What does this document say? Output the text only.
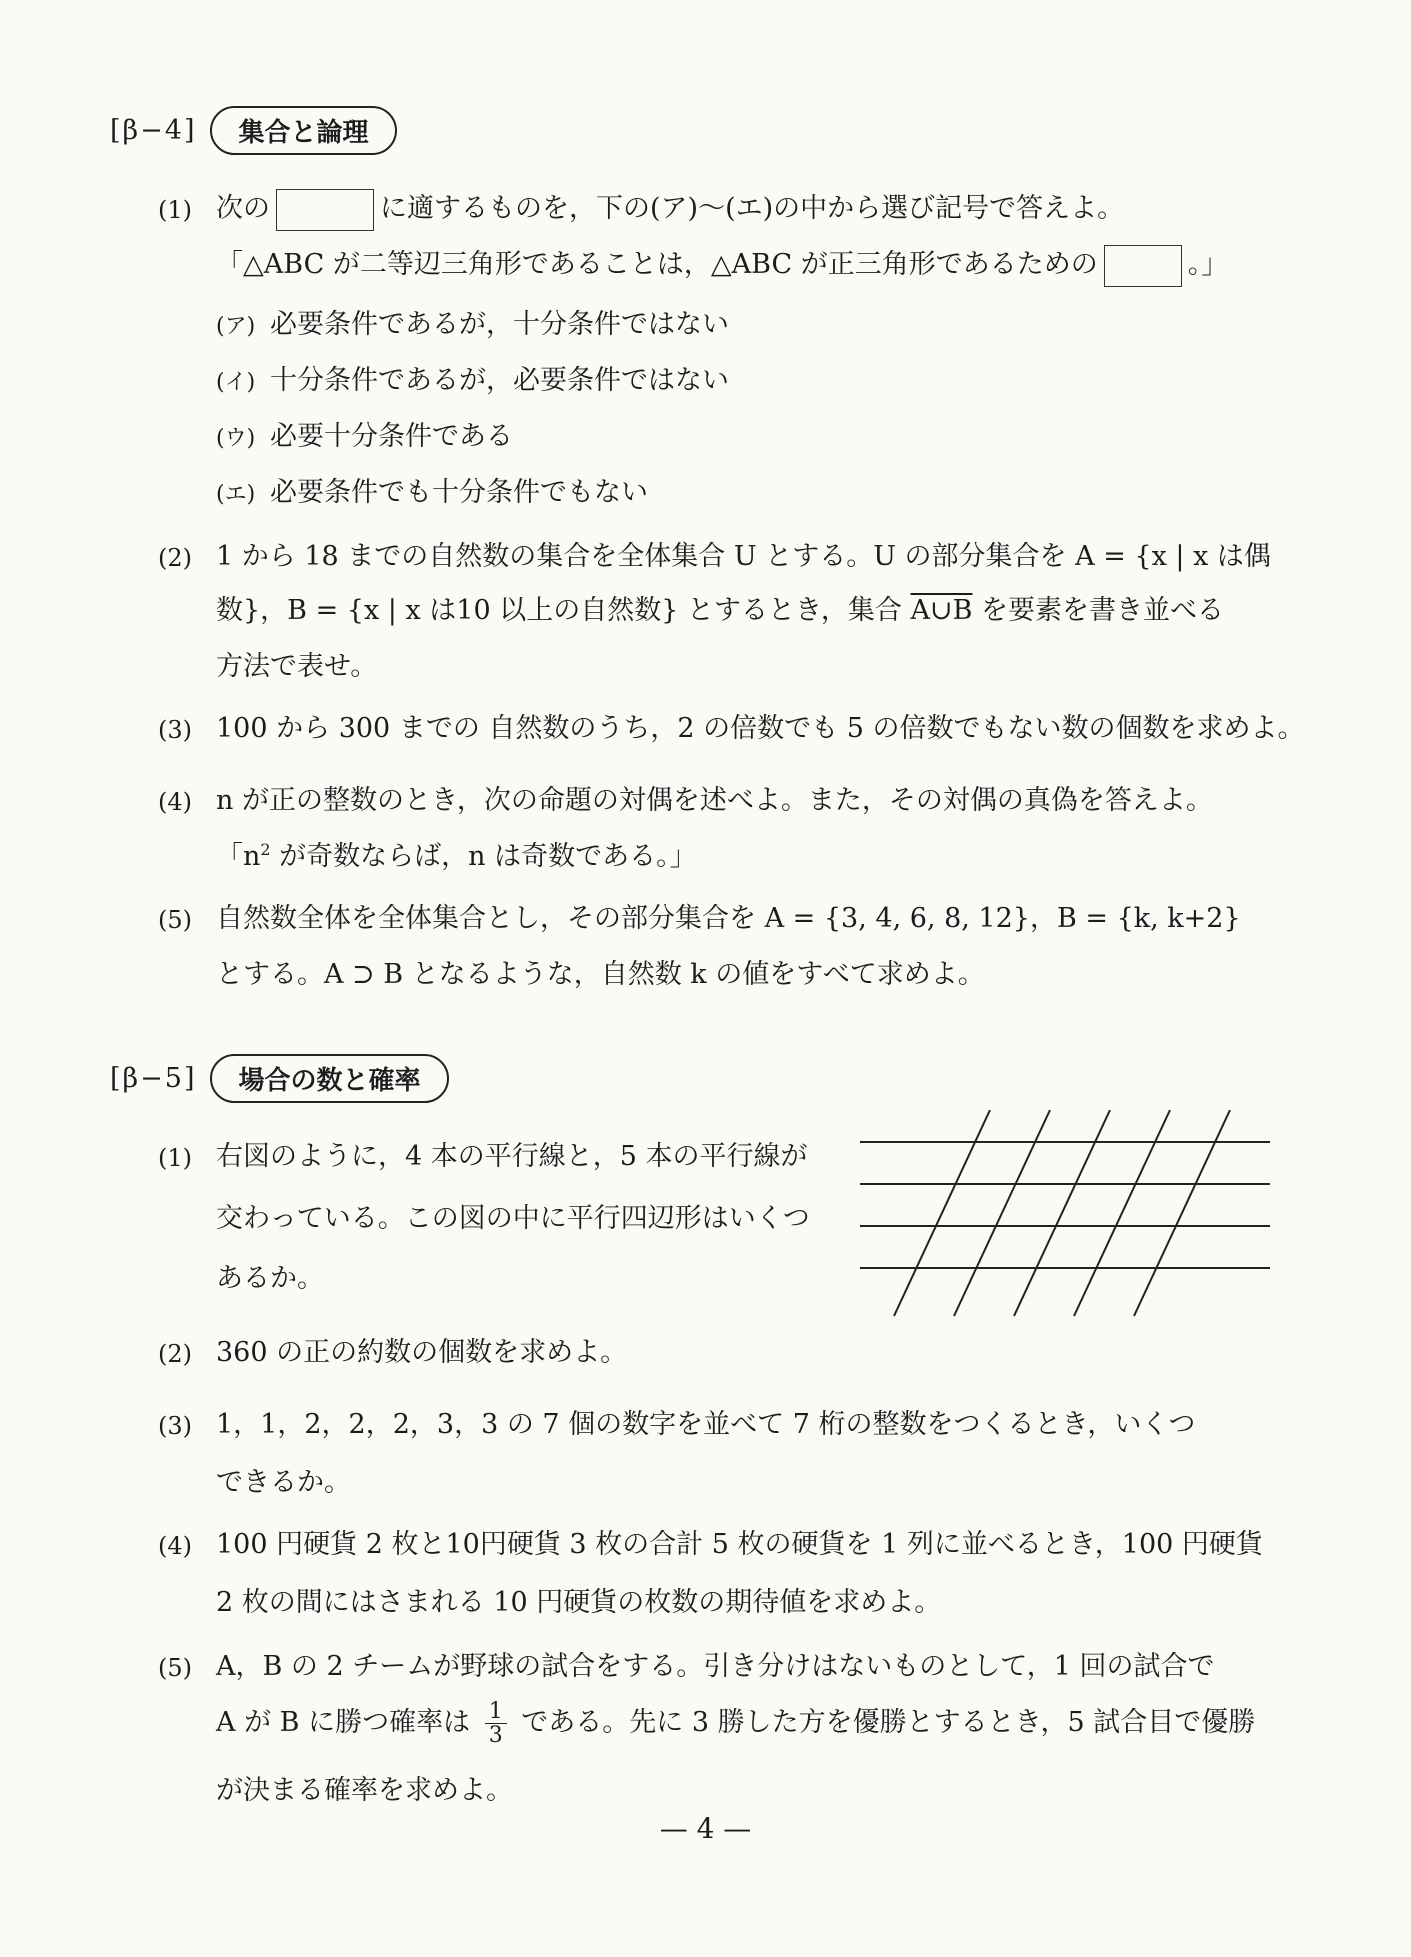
[β−4]	集合と論理
(1) 次の	に適するものを，下の(ア)〜(エ)の中から選び記号で答えよ。
「△ABC が二等辺三角形であることは，△ABC が正三角形であるための	。」
(ア) 必要条件であるが，十分条件ではない
(イ) 十分条件であるが，必要条件ではない
(ウ) 必要十分条件である
(エ) 必要条件でも十分条件でもない
(2) 1 から 18 までの自然数の集合を全体集合 U とする。U の部分集合を A = {x | x は偶
数}，B = {x | x は10 以上の自然数} とするとき，集合 A∪B を要素を書き並べる
方法で表せ。
(3) 100 から 300 までの 自然数のうち，2 の倍数でも 5 の倍数でもない数の個数を求めよ。
(4) n が正の整数のとき，次の命題の対偶を述べよ。また，その対偶の真偽を答えよ。
「$n^2$ が奇数ならば，n は奇数である。」
(5) 自然数全体を全体集合とし，その部分集合を A = {3, 4, 6, 8, 12}，B = {k, k+2}
とする。A ⊃ B となるような，自然数 k の値をすべて求めよ。
[β−5]	場合の数と確率
(1) 右図のように，4 本の平行線と，5 本の平行線が
交わっている。この図の中に平行四辺形はいくつ
あるか。
(2) 360 の正の約数の個数を求めよ。
(3) 1，1，2，2，2，3，3 の 7 個の数字を並べて 7 桁の整数をつくるとき，いくつ
できるか。
(4) 100 円硬貨 2 枚と10円硬貨 3 枚の合計 5 枚の硬貨を 1 列に並べるとき，100 円硬貨
2 枚の間にはさまれる 10 円硬貨の枚数の期待値を求めよ。
(5) A，B の 2 チームが野球の試合をする。引き分けはないものとして，1 回の試合で
A が B に勝つ確率は $\frac{1}{3}$ である。先に 3 勝した方を優勝とするとき，5 試合目で優勝
が決まる確率を求めよ。
— 4 —
